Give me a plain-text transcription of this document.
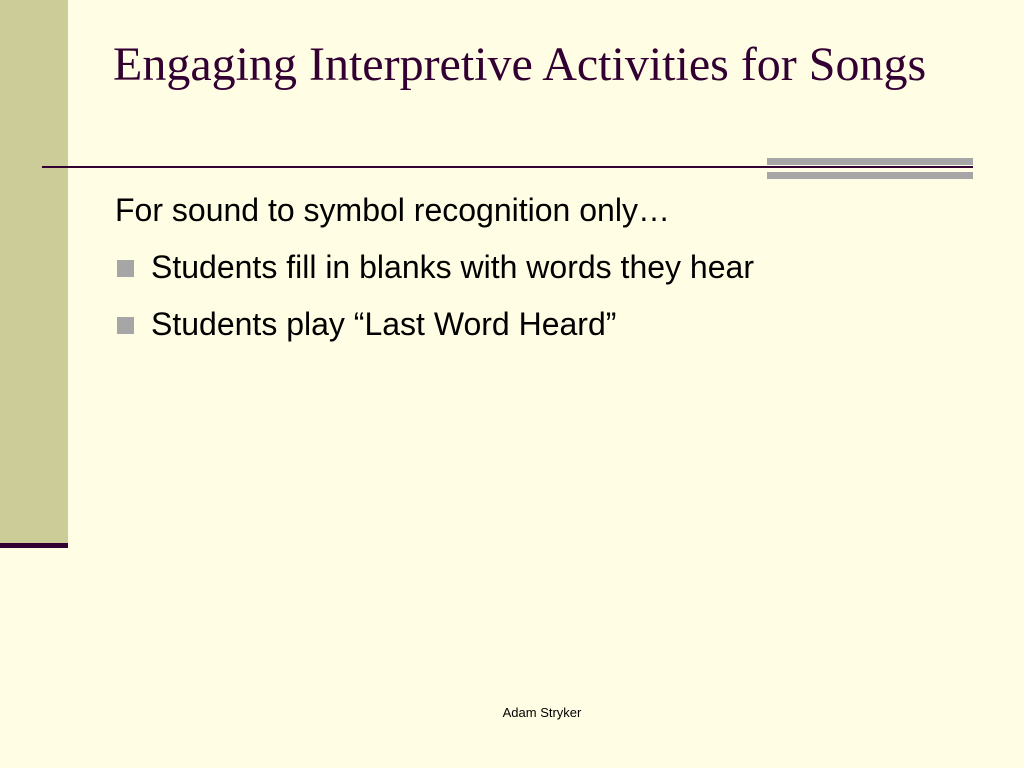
Engaging Interpretive Activities for Songs

For sound to symbol recognition only…

Students fill in blanks with words they hear
Students play “Last Word Heard”
Adam Stryker
